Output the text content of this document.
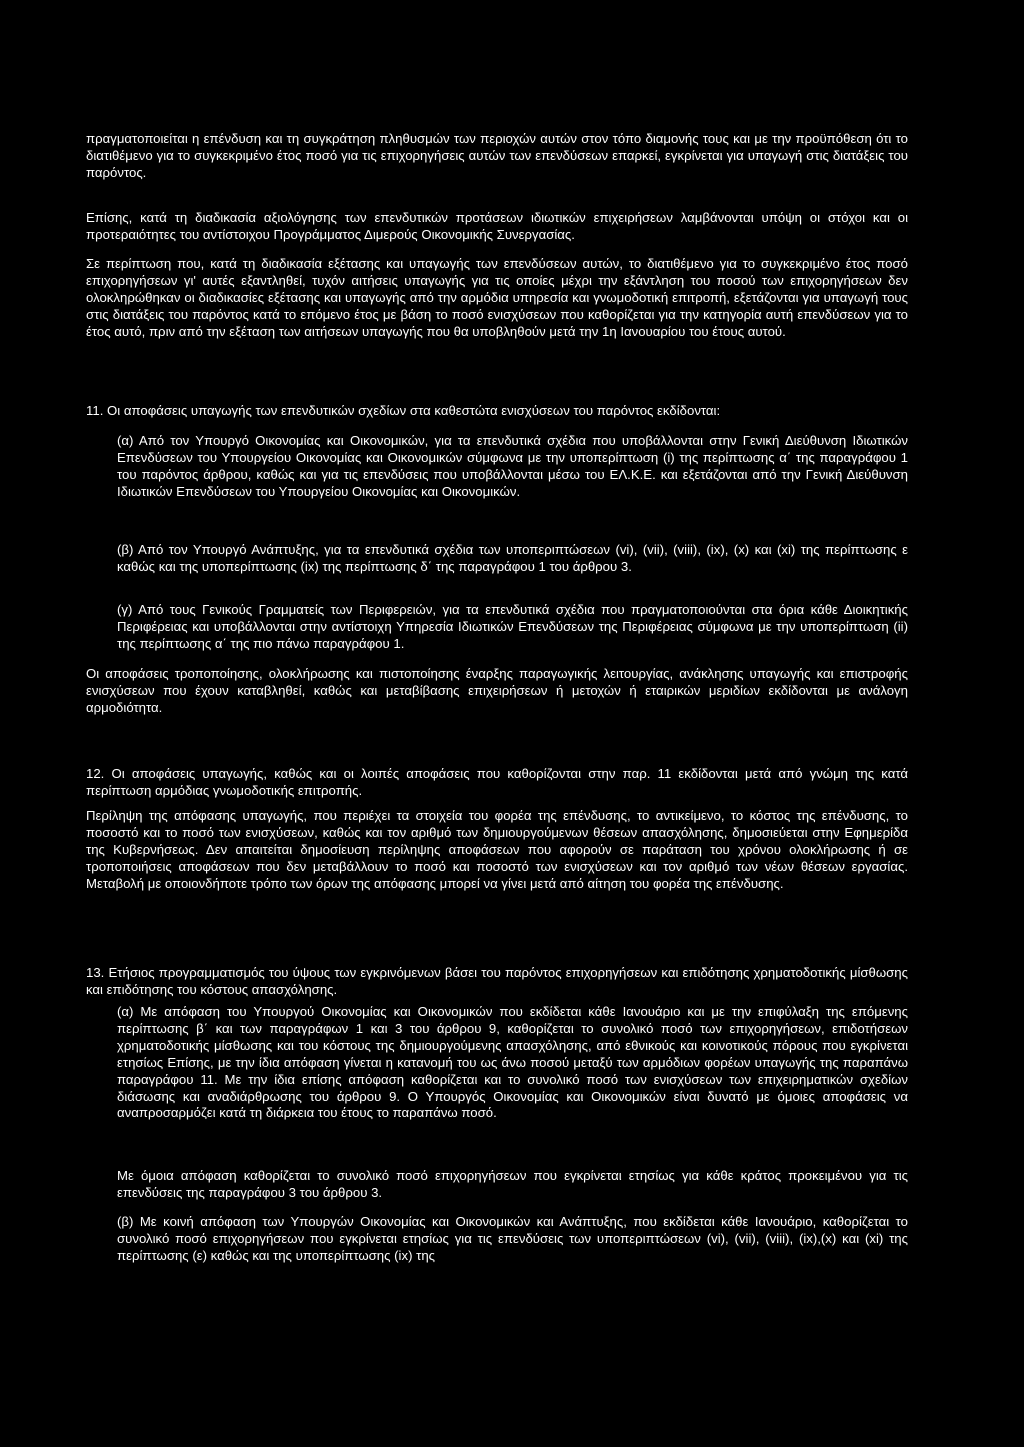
πραγματοποιείται η επένδυση και τη συγκράτηση πληθυσμών των περιοχών αυτών στον τόπο διαμονής τους και με την προϋπόθεση ότι το διατιθέμενο για το συγκεκριμένο έτος ποσό για τις επιχορηγήσεις αυτών των επενδύσεων επαρκεί, εγκρίνεται για υπαγωγή στις διατάξεις του παρόντος.

Επίσης, κατά τη διαδικασία αξιολόγησης των επενδυτικών προτάσεων ιδιωτικών επιχειρήσεων λαμβάνονται υπόψη οι στόχοι και οι προτεραιότητες του αντίστοιχου Προγράμματος Διμερούς Οικονομικής Συνεργασίας.

Σε περίπτωση που, κατά τη διαδικασία εξέτασης και υπαγωγής των επενδύσεων αυτών, το διατιθέμενο για το συγκεκριμένο έτος ποσό επιχορηγήσεων γι' αυτές εξαντληθεί, τυχόν αιτήσεις υπαγωγής για τις οποίες μέχρι την εξάντληση του ποσού των επιχορηγήσεων δεν ολοκληρώθηκαν οι διαδικασίες εξέτασης και υπαγωγής από την αρμόδια υπηρεσία και γνωμοδοτική επιτροπή, εξετάζονται για υπαγωγή τους στις διατάξεις του παρόντος κατά το επόμενο έτος με βάση το ποσό ενισχύσεων που καθορίζεται για την κατηγορία αυτή επενδύσεων για το έτος αυτό, πριν από την εξέταση των αιτήσεων υπαγωγής που θα υποβληθούν μετά την 1η Ιανουαρίου του έτους αυτού.

11. Οι αποφάσεις υπαγωγής των επενδυτικών σχεδίων στα καθεστώτα ενισχύσεων του παρόντος εκδίδονται:

(α) Από τον Υπουργό Οικονομίας και Οικονομικών, για τα επενδυτικά σχέδια που υποβάλλονται στην Γενική Διεύθυνση Ιδιωτικών Επενδύσεων του Υπουργείου Οικονομίας και Οικονομικών σύμφωνα με την υποπερίπτωση (i) της περίπτωσης α΄ της παραγράφου 1 του παρόντος άρθρου, καθώς και για τις επενδύσεις που υποβάλλονται μέσω του ΕΛ.Κ.Ε. και εξετάζονται από την Γενική Διεύθυνση Ιδιωτικών Επενδύσεων του Υπουργείου Οικονομίας και Οικονομικών.

(β) Από τον Υπουργό Ανάπτυξης, για τα επενδυτικά σχέδια των υποπεριπτώσεων (vi), (vii), (viii), (ix), (x) και (xi) της περίπτωσης ε καθώς και της υποπερίπτωσης (ix) της περίπτωσης δ΄ της παραγράφου 1 του άρθρου 3.

(γ) Από τους Γενικούς Γραμματείς των Περιφερειών, για τα επενδυτικά σχέδια που πραγματοποιούνται στα όρια κάθε Διοικητικής Περιφέρειας και υποβάλλονται στην αντίστοιχη Υπηρεσία Ιδιωτικών Επενδύσεων της Περιφέρειας σύμφωνα με την υποπερίπτωση (ii) της περίπτωσης α΄ της πιο πάνω παραγράφου 1.

Οι αποφάσεις τροποποίησης, ολοκλήρωσης και πιστοποίησης έναρξης παραγωγικής λειτουργίας, ανάκλησης υπαγωγής και επιστροφής ενισχύσεων που έχουν καταβληθεί, καθώς και μεταβίβασης επιχειρήσεων ή μετοχών ή εταιρικών μεριδίων εκδίδονται με ανάλογη αρμοδιότητα.

12. Οι αποφάσεις υπαγωγής, καθώς και οι λοιπές αποφάσεις που καθορίζονται στην παρ. 11 εκδίδονται μετά από γνώμη της κατά περίπτωση αρμόδιας γνωμοδοτικής επιτροπής.

Περίληψη της απόφασης υπαγωγής, που περιέχει τα στοιχεία του φορέα της επένδυσης, το αντικείμενο, το κόστος της επένδυσης, το ποσοστό και το ποσό των ενισχύσεων, καθώς και τον αριθμό των δημιουργούμενων θέσεων απασχόλησης, δημοσιεύεται στην Εφημερίδα της Κυβερνήσεως. Δεν απαιτείται δημοσίευση περίληψης αποφάσεων που αφορούν σε παράταση του χρόνου ολοκλήρωσης ή σε τροποποιήσεις αποφάσεων που δεν μεταβάλλουν το ποσό και ποσοστό των ενισχύσεων και τον αριθμό των νέων θέσεων εργασίας. Μεταβολή με οποιονδήποτε τρόπο των όρων της απόφασης μπορεί να γίνει μετά από αίτηση του φορέα της επένδυσης.

13. Ετήσιος προγραμματισμός του ύψους των εγκρινόμενων βάσει του παρόντος επιχορηγήσεων και επιδότησης χρηματοδοτικής μίσθωσης και επιδότησης του κόστους απασχόλησης.

(α) Με απόφαση του Υπουργού Οικονομίας και Οικονομικών που εκδίδεται κάθε Ιανουάριο και με την επιφύλαξη της επόμενης περίπτωσης β΄ και των παραγράφων 1 και 3 του άρθρου 9, καθορίζεται το συνολικό ποσό των επιχορηγήσεων, επιδοτήσεων χρηματοδοτικής μίσθωσης και του κόστους της δημιουργούμενης απασχόλησης, από εθνικούς και κοινοτικούς πόρους που εγκρίνεται ετησίως Επίσης, με την ίδια απόφαση γίνεται η κατανομή του ως άνω ποσού μεταξύ των αρμόδιων φορέων υπαγωγής της παραπάνω παραγράφου 11. Με την ίδια επίσης απόφαση καθορίζεται και το συνολικό ποσό των ενισχύσεων των επιχειρηματικών σχεδίων διάσωσης και αναδιάρθρωσης του άρθρου 9. Ο Υπουργός Οικονομίας και Οικονομικών είναι δυνατό με όμοιες αποφάσεις να αναπροσαρμόζει κατά τη διάρκεια του έτους το παραπάνω ποσό.

Με όμοια απόφαση καθορίζεται το συνολικό ποσό επιχορηγήσεων που εγκρίνεται ετησίως για κάθε κράτος προκειμένου για τις επενδύσεις της παραγράφου 3 του άρθρου 3.

(β) Με κοινή απόφαση των Υπουργών Οικονομίας και Οικονομικών και Ανάπτυξης, που εκδίδεται κάθε Ιανουάριο, καθορίζεται το συνολικό ποσό επιχορηγήσεων που εγκρίνεται ετησίως για τις επενδύσεις των υποπεριπτώσεων (vi), (vii), (viii), (ix),(x) και (xi) της περίπτωσης (ε) καθώς και της υποπερίπτωσης (ix) της
